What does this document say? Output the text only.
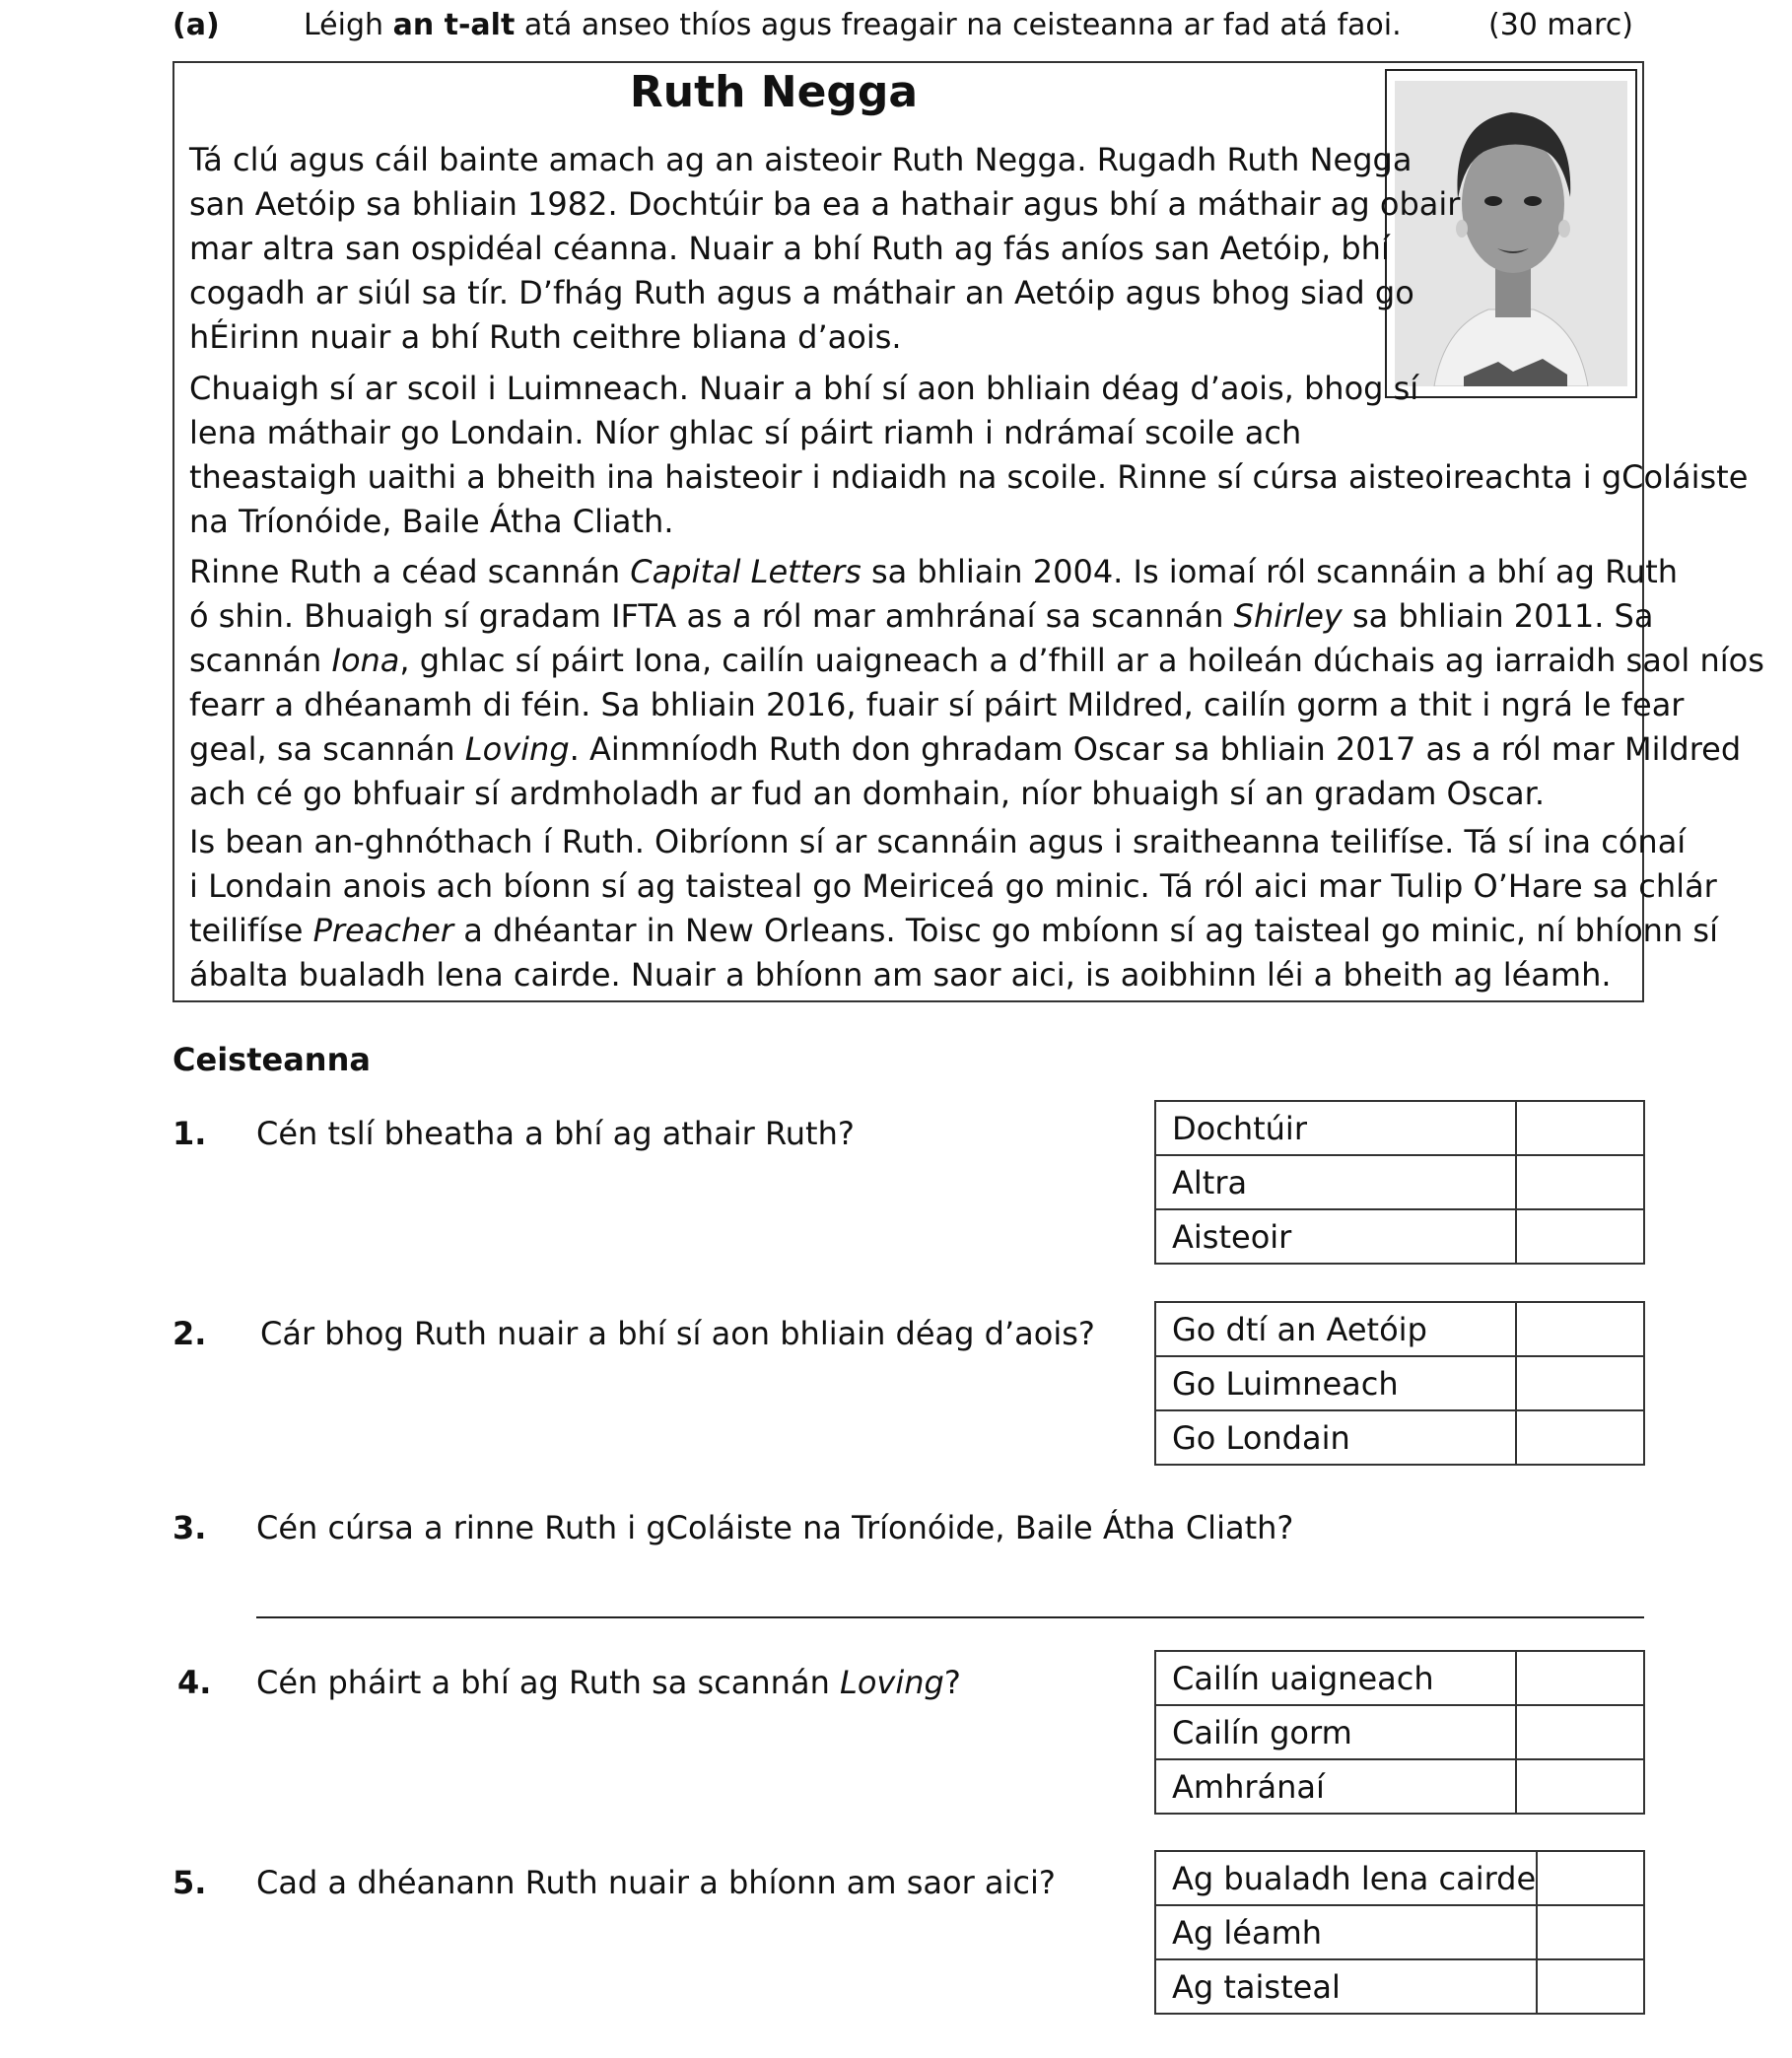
(a)	Léigh an t-alt atá anseo thíos agus freagair na ceisteanna ar fad atá faoi.	(30 marc)
Ruth Negga
Tá clú agus cáil bainte amach ag an aisteoir Ruth Negga. Rugadh Ruth Negga
san Aetóip sa bhliain 1982. Dochtúir ba ea a hathair agus bhí a máthair ag obair
mar altra san ospidéal céanna. Nuair a bhí Ruth ag fás aníos san Aetóip, bhí
cogadh ar siúl sa tír. D’fhág Ruth agus a máthair an Aetóip agus bhog siad go
hÉirinn nuair a bhí Ruth ceithre bliana d’aois.
Chuaigh sí ar scoil i Luimneach. Nuair a bhí sí aon bhliain déag d’aois, bhog sí
lena máthair go Londain. Níor ghlac sí páirt riamh i ndrámaí scoile ach
theastaigh uaithi a bheith ina haisteoir i ndiaidh na scoile. Rinne sí cúrsa aisteoireachta i gColáiste
na Tríonóide, Baile Átha Cliath.
Rinne Ruth a céad scannán Capital Letters sa bhliain 2004. Is iomaí ról scannáin a bhí ag Ruth
ó shin. Bhuaigh sí gradam IFTA as a ról mar amhránaí sa scannán Shirley sa bhliain 2011. Sa
scannán Iona, ghlac sí páirt Iona, cailín uaigneach a d’fhill ar a hoileán dúchais ag iarraidh saol níos
fearr a dhéanamh di féin. Sa bhliain 2016, fuair sí páirt Mildred, cailín gorm a thit i ngrá le fear
geal, sa scannán Loving. Ainmníodh Ruth don ghradam Oscar sa bhliain 2017 as a ról mar Mildred
ach cé go bhfuair sí ardmholadh ar fud an domhain, níor bhuaigh sí an gradam Oscar.
Is bean an-ghnóthach í Ruth. Oibríonn sí ar scannáin agus i sraitheanna teilifíse. Tá sí ina cónaí
i Londain anois ach bíonn sí ag taisteal go Meiriceá go minic. Tá ról aici mar Tulip O’Hare sa chlár
teilifíse Preacher a dhéantar in New Orleans. Toisc go mbíonn sí ag taisteal go minic, ní bhíonn sí
ábalta bualadh lena cairde. Nuair a bhíonn am saor aici, is aoibhinn léi a bheith ag léamh.
Ceisteanna
1. Cén tslí bheatha a bhí ag athair Ruth?	Dochtúir	
Altra	
Aisteoir	
2. Cár bhog Ruth nuair a bhí sí aon bhliain déag d’aois? Go dtí an Aetóip	
Go Luimneach	
Go Londain	
3. Cén cúrsa a rinne Ruth i gColáiste na Tríonóide, Baile Átha Cliath?
4. Cén pháirt a bhí ag Ruth sa scannán Loving?	Cailín uaigneach	
Cailín gorm	
Amhránaí	
5. Cad a dhéanann Ruth nuair a bhíonn am saor aici?	Ag bualadh lena cairde	
Ag léamh	
Ag taisteal	
